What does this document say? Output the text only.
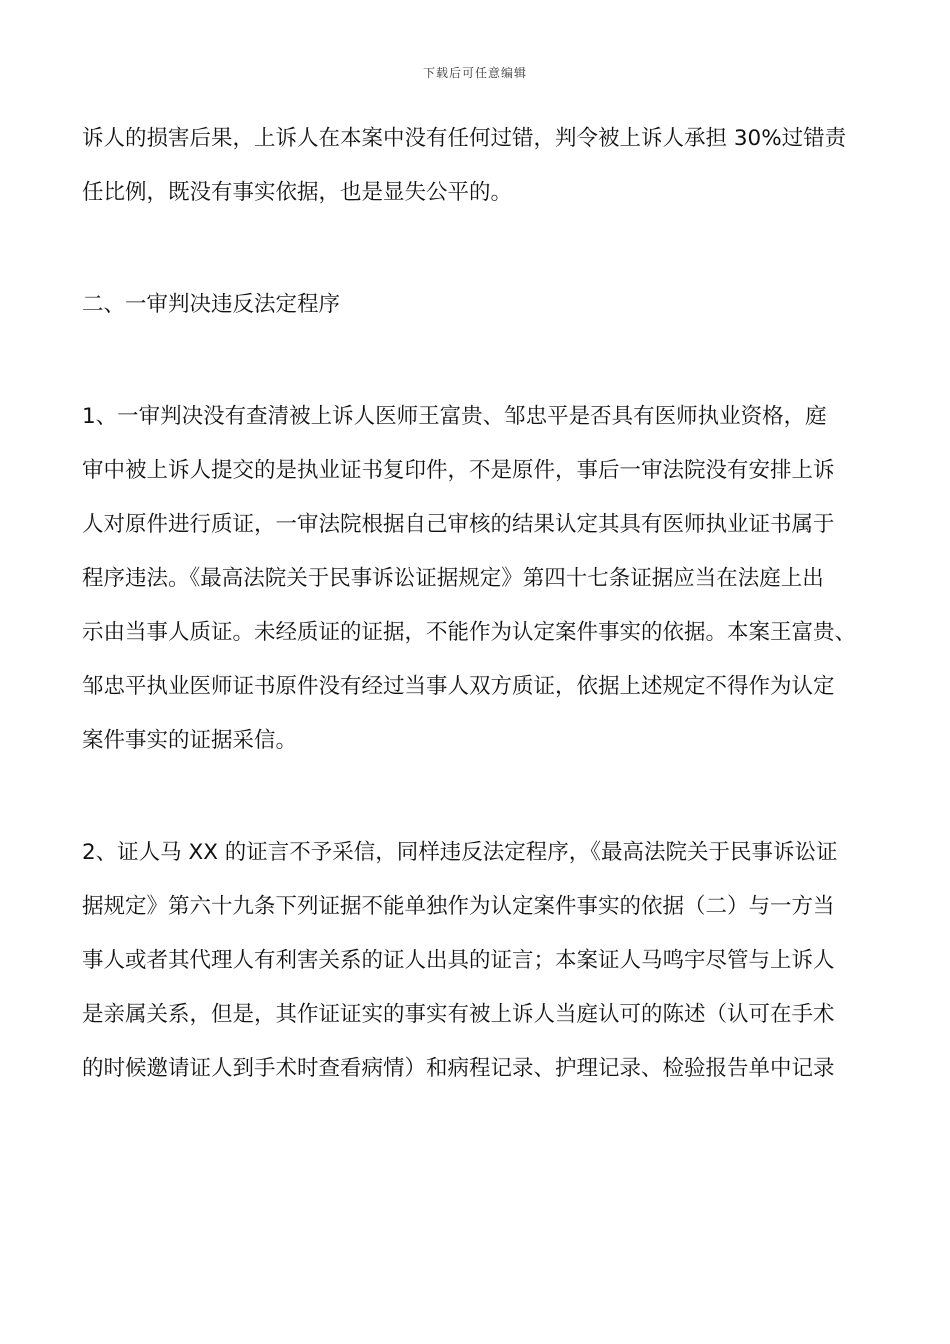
下载后可任意编辑
诉人的损害后果，上诉人在本案中没有任何过错，判令被上诉人承担 30%过错责
任比例，既没有事实依据，也是显失公平的。
二、一审判决违反法定程序
1、一审判决没有查清被上诉人医师王富贵、邹忠平是否具有医师执业资格，庭
审中被上诉人提交的是执业证书复印件，不是原件，事后一审法院没有安排上诉
人对原件进行质证，一审法院根据自己审核的结果认定其具有医师执业证书属于
程序违法。《最高法院关于民事诉讼证据规定》第四十七条证据应当在法庭上出
示由当事人质证。未经质证的证据，不能作为认定案件事实的依据。本案王富贵、
邹忠平执业医师证书原件没有经过当事人双方质证，依据上述规定不得作为认定
案件事实的证据采信。
2、证人马 XX 的证言不予采信，同样违反法定程序，《最高法院关于民事诉讼证
据规定》第六十九条下列证据不能单独作为认定案件事实的依据（二）与一方当
事人或者其代理人有利害关系的证人出具的证言；本案证人马鸣宇尽管与上诉人
是亲属关系，但是，其作证证实的事实有被上诉人当庭认可的陈述（认可在手术
的时候邀请证人到手术时查看病情）和病程记录、护理记录、检验报告单中记录
